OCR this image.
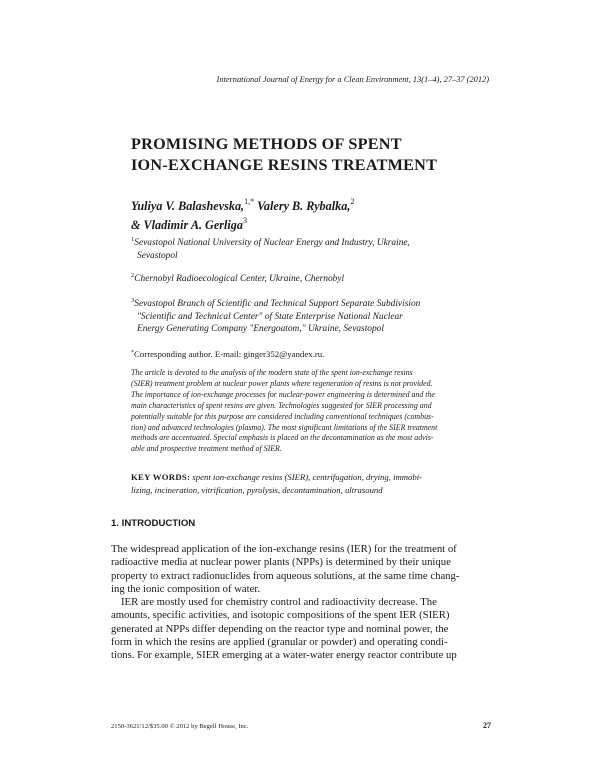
International Journal of Energy for a Clean Environment, 13(1–4), 27–37 (2012)
PROMISING METHODS OF SPENT
ION-EXCHANGE RESINS TREATMENT
Yuliya V. Balashevska,$^{1,*}$ Valery B. Rybalka,$^2$
& Vladimir A. Gerliga$^3$
$^1$Sevastopol National University of Nuclear Energy and Industry, Ukraine,
Sevastopol
$^2$Chernobyl Radioecological Center, Ukraine, Chernobyl
$^3$Sevastopol Branch of Scientific and Technical Support Separate Subdivision
"Scientific and Technical Center" of State Enterprise National Nuclear
Energy Generating Company "Energoatom," Ukraine, Sevastopol
*Corresponding author. E-mail: ginger352@yandex.ru.
The article is devoted to the analysis of the modern state of the spent ion-exchange resins
(SIER) treatment problem at nuclear power plants where regeneration of resins is not provided.
The importance of ion-exchange processes for nuclear-power engineering is determined and the
main characteristics of spent resins are given. Technologies suggested for SIER processing and
potentially suitable for this purpose are considered including conventional techniques (combus-
tion) and advanced technologies (plasma). The most significant limitations of the SIER treatment
methods are accentuated. Special emphasis is placed on the decontamination as the most advis-
able and prospective treatment method of SIER.
KEY WORDS: spent ion-exchange resins (SIER), centrifugation, drying, immobi-
lizing, incineration, vitrification, pyrolysis, decontamination, ultrasound
1. INTRODUCTION
The widespread application of the ion-exchange resins (IER) for the treatment of
radioactive media at nuclear power plants (NPPs) is determined by their unique
property to extract radionuclides from aqueous solutions, at the same time chang-
ing the ionic composition of water.
IER are mostly used for chemistry control and radioactivity decrease. The
amounts, specific activities, and isotopic compositions of the spent IER (SIER)
generated at NPPs differ depending on the reactor type and nominal power, the
form in which the resins are applied (granular or powder) and operating condi-
tions. For example, SIER emerging at a water-water energy reactor contribute up
2150-3621/12/$35.00 © 2012 by Begell House, Inc.	27
